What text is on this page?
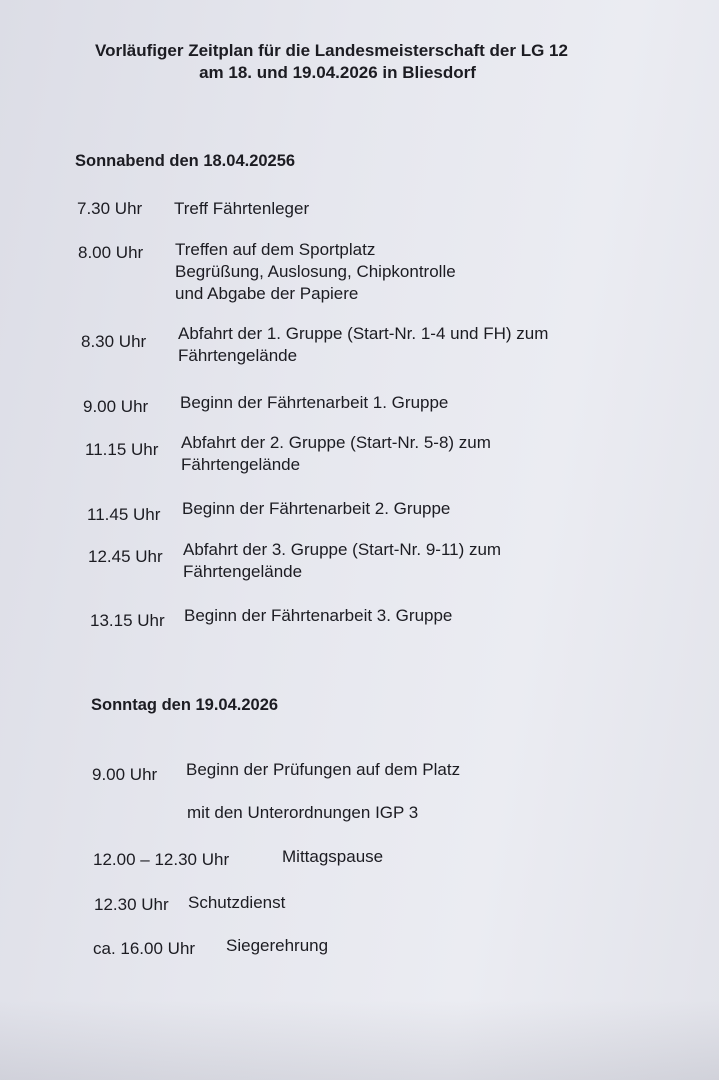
Vorläufiger Zeitplan für die Landesmeisterschaft der LG 12
am 18. und 19.04.2026 in Bliesdorf
Sonnabend den 18.04.20256
7.30 Uhr Treff Fährtenleger
8.00 Uhr Treffen auf dem Sportplatz
Begrüßung, Auslosung, Chipkontrolle
und Abgabe der Papiere
8.30 Uhr Abfahrt der 1. Gruppe (Start-Nr. 1-4 und FH) zum
Fährtengelände
9.00 Uhr Beginn der Fährtenarbeit 1. Gruppe
11.15 Uhr Abfahrt der 2. Gruppe (Start-Nr. 5-8) zum
Fährtengelände
11.45 Uhr Beginn der Fährtenarbeit 2. Gruppe
12.45 Uhr Abfahrt der 3. Gruppe (Start-Nr. 9-11) zum
Fährtengelände
13.15 Uhr Beginn der Fährtenarbeit 3. Gruppe
Sonntag den 19.04.2026
9.00 Uhr Beginn der Prüfungen auf dem Platz
mit den Unterordnungen IGP 3
12.00 – 12.30 Uhr	Mittagspause
12.30 Uhr Schutzdienst
ca. 16.00 Uhr Siegerehrung
